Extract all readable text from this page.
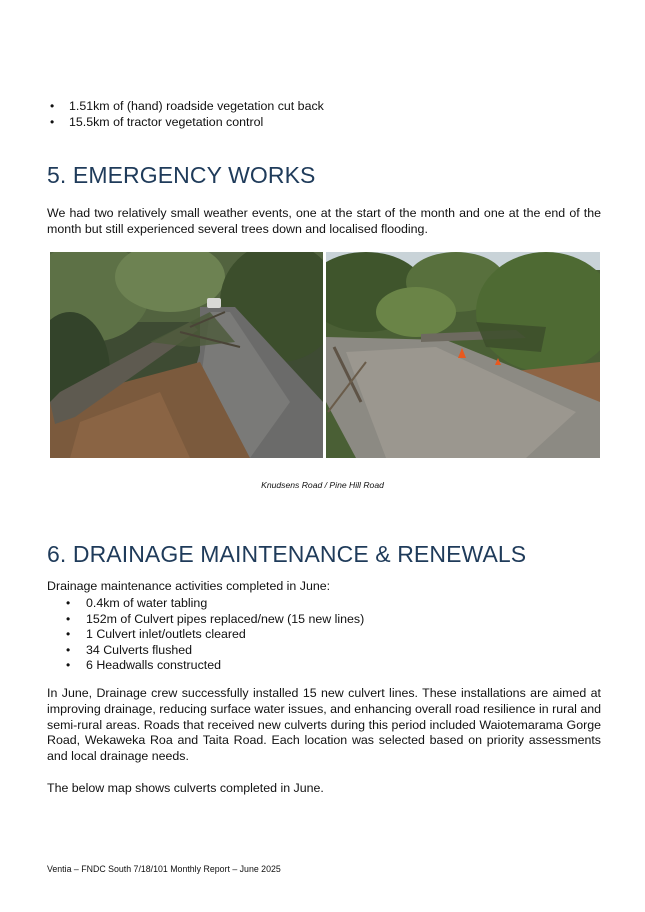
• 1.51km of (hand) roadside vegetation cut back
• 15.5km of tractor vegetation control
5. EMERGENCY WORKS

We had two relatively small weather events, one at the start of the month and one at the end of the month but still experienced several trees down and localised flooding.

Knudsens Road / Pine Hill Road
6. DRAINAGE MAINTENANCE & RENEWALS

Drainage maintenance activities completed in June:

• 0.4km of water tabling
• 152m of Culvert pipes replaced/new (15 new lines)
• 1 Culvert inlet/outlets cleared
• 34 Culverts flushed
• 6 Headwalls constructed

In June, Drainage crew successfully installed 15 new culvert lines. These installations are aimed at improving drainage, reducing surface water issues, and enhancing overall road resilience in rural and semi-rural areas. Roads that received new culverts during this period included Waiotemarama Gorge Road, Wekaweka Roa and Taita Road. Each location was selected based on priority assessments and local drainage needs.

The below map shows culverts completed in June.

Ventia – FNDC South 7/18/101 Monthly Report – June 2025
